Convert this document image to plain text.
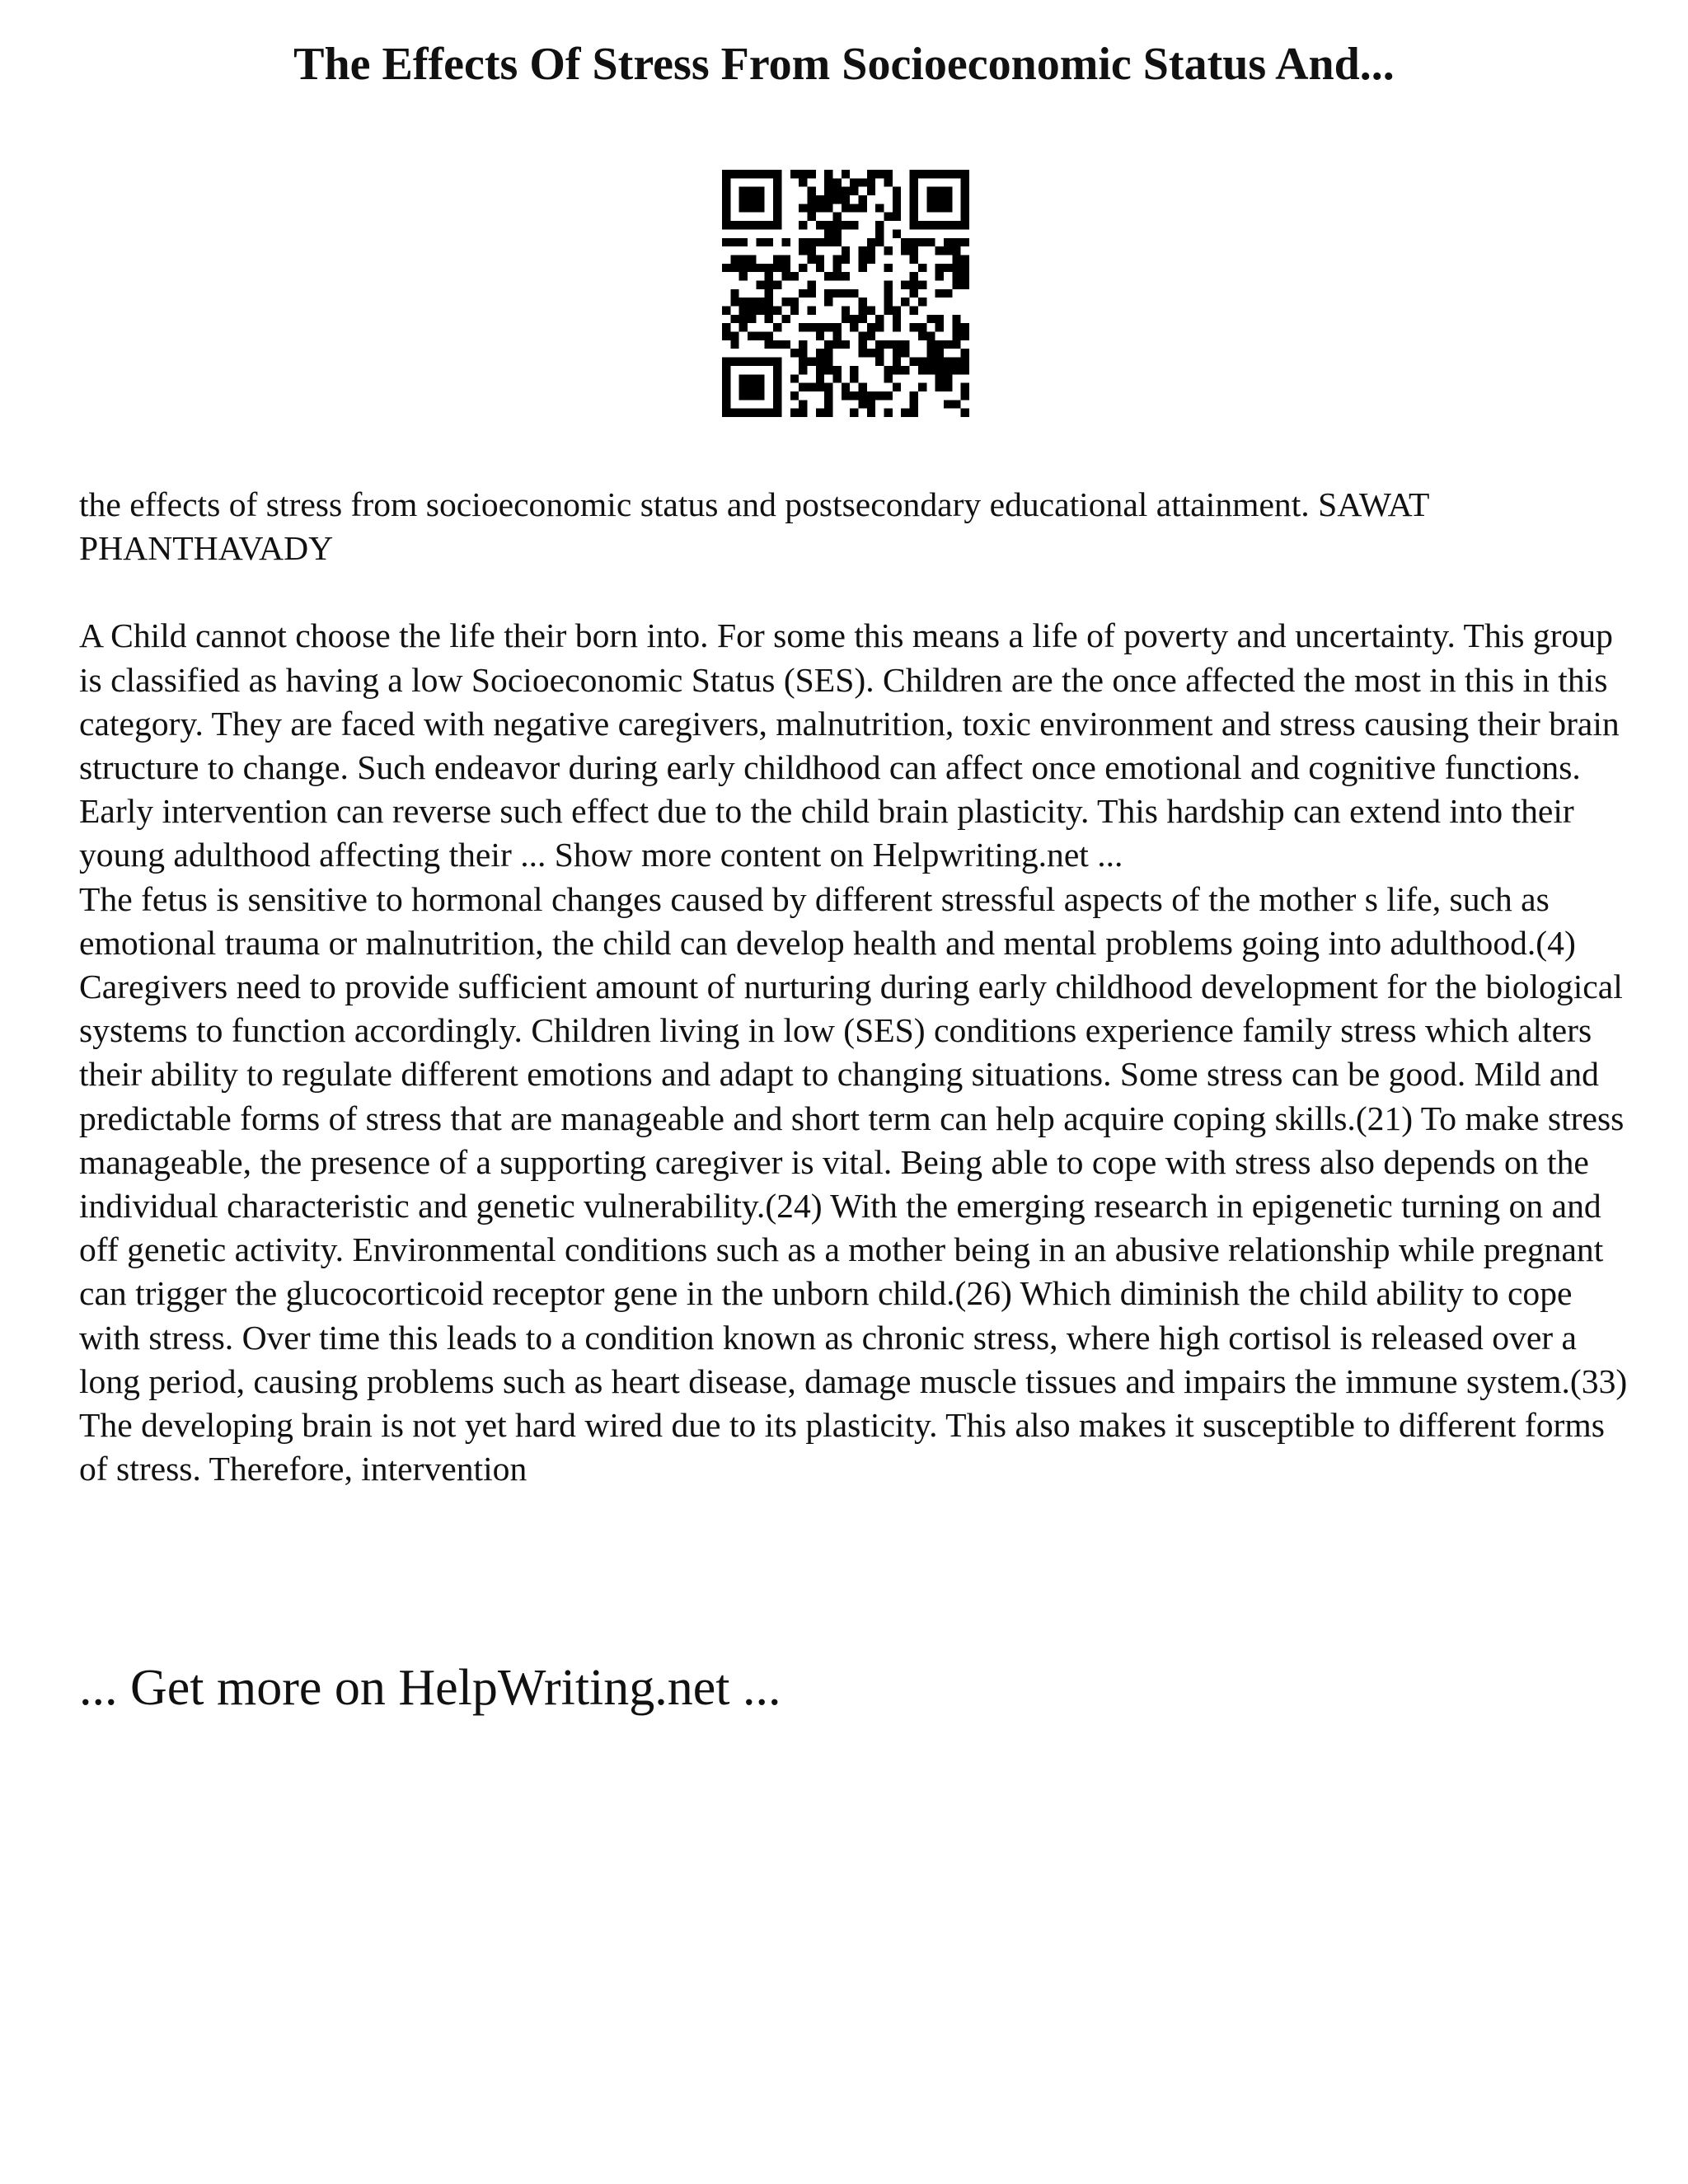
The Effects Of Stress From Socioeconomic Status And...

the effects of stress from socioeconomic status and postsecondary educational attainment. SAWAT PHANTHAVADY

A Child cannot choose the life their born into. For some this means a life of poverty and uncertainty. This group is classified as having a low Socioeconomic Status (SES). Children are the once affected the most in this in this category. They are faced with negative caregivers, malnutrition, toxic environment and stress causing their brain structure to change. Such endeavor during early childhood can affect once emotional and cognitive functions. Early intervention can reverse such effect due to the child brain plasticity. This hardship can extend into their young adulthood affecting their ... Show more content on Helpwriting.net ...

The fetus is sensitive to hormonal changes caused by different stressful aspects of the mother s life, such as emotional trauma or malnutrition, the child can develop health and mental problems going into adulthood.(4) Caregivers need to provide sufficient amount of nurturing during early childhood development for the biological systems to function accordingly. Children living in low (SES) conditions experience family stress which alters their ability to regulate different emotions and adapt to changing situations. Some stress can be good. Mild and predictable forms of stress that are manageable and short term can help acquire coping skills.(21) To make stress manageable, the presence of a supporting caregiver is vital. Being able to cope with stress also depends on the individual characteristic and genetic vulnerability.(24) With the emerging research in epigenetic turning on and off genetic activity. Environmental conditions such as a mother being in an abusive relationship while pregnant can trigger the glucocorticoid receptor gene in the unborn child.(26) Which diminish the child ability to cope with stress. Over time this leads to a condition known as chronic stress, where high cortisol is released over a long period, causing problems such as heart disease, damage muscle tissues and impairs the immune system.(33)

The developing brain is not yet hard wired due to its plasticity. This also makes it susceptible to different forms of stress. Therefore, intervention

... Get more on HelpWriting.net ...
